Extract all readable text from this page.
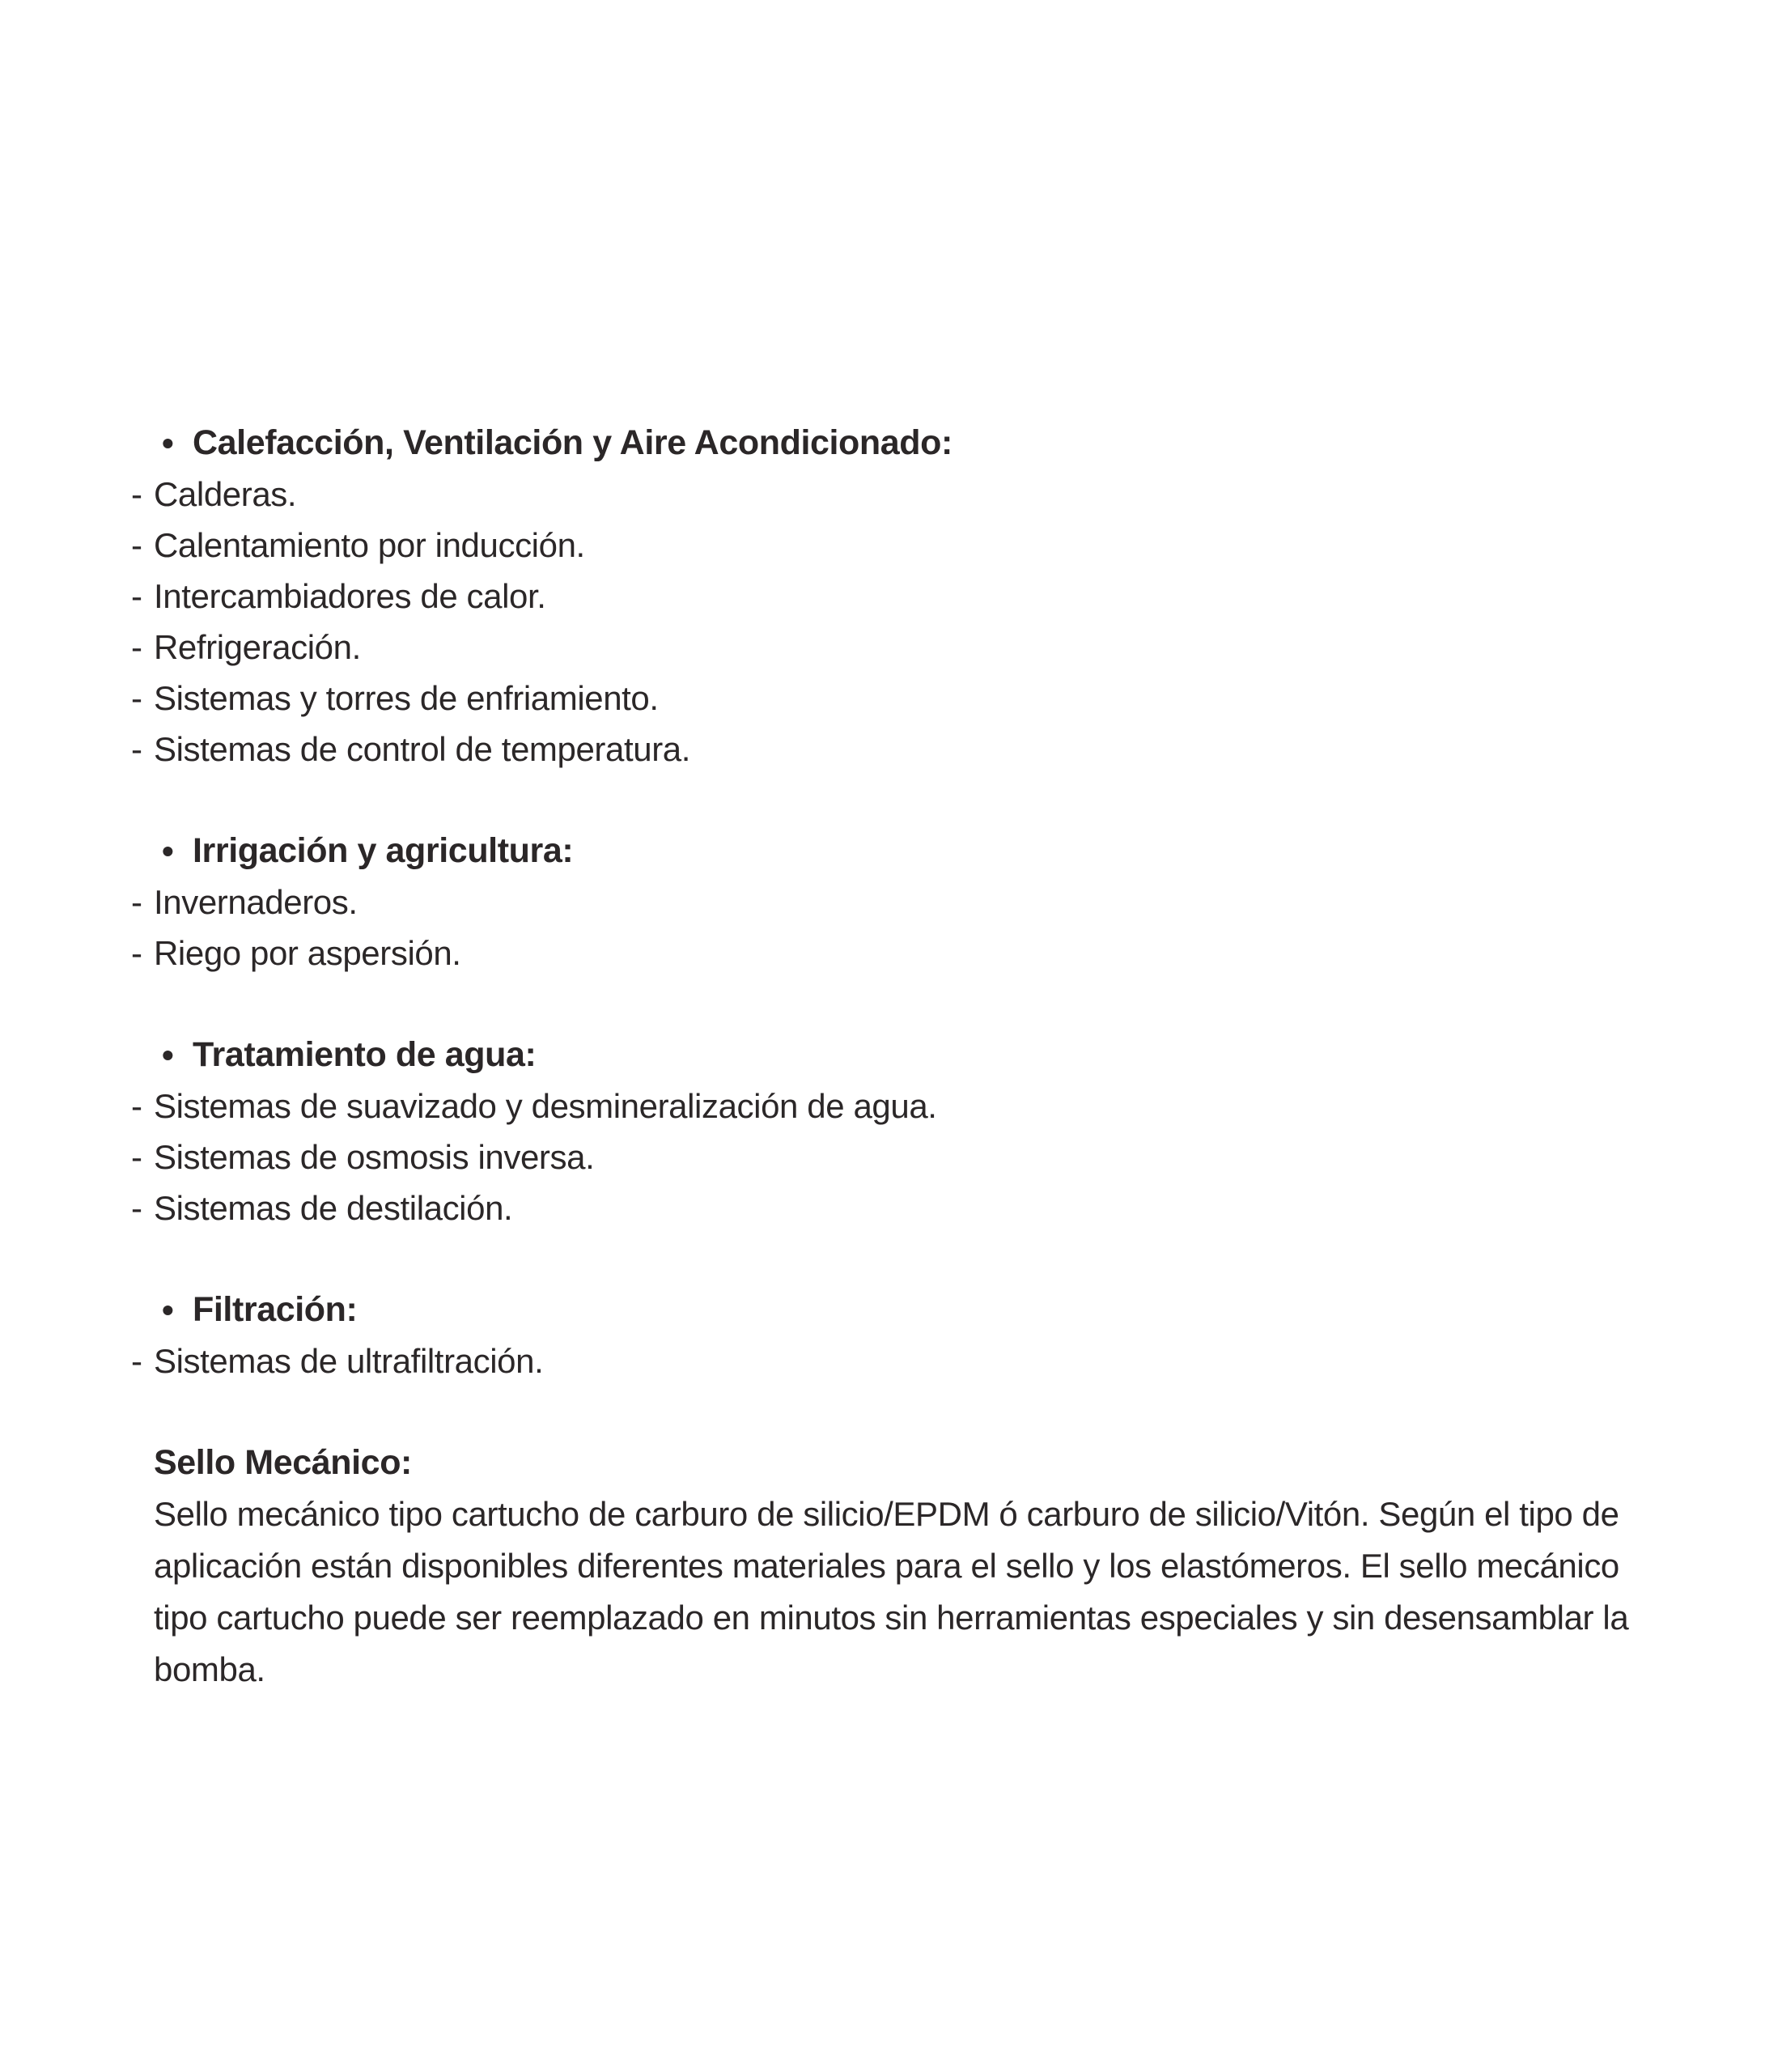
• Calefacción, Ventilación y Aire Acondicionado:
- Calderas.
- Calentamiento por inducción.
- Intercambiadores de calor.
- Refrigeración.
- Sistemas y torres de enfriamiento.
- Sistemas de control de temperatura.
• Irrigación y agricultura:
- Invernaderos.
- Riego por aspersión.
• Tratamiento de agua:
- Sistemas de suavizado y desmineralización de agua.
- Sistemas de osmosis inversa.
- Sistemas de destilación.
• Filtración:
- Sistemas de ultrafiltración.
Sello Mecánico:

Sello mecánico tipo cartucho de carburo de silicio/EPDM ó carburo de silicio/Vitón. Según el tipo de aplicación están disponibles diferentes materiales para el sello y los elastómeros. El sello mecánico tipo cartucho puede ser reemplazado en minutos sin herramientas especiales y sin desensamblar la bomba.
